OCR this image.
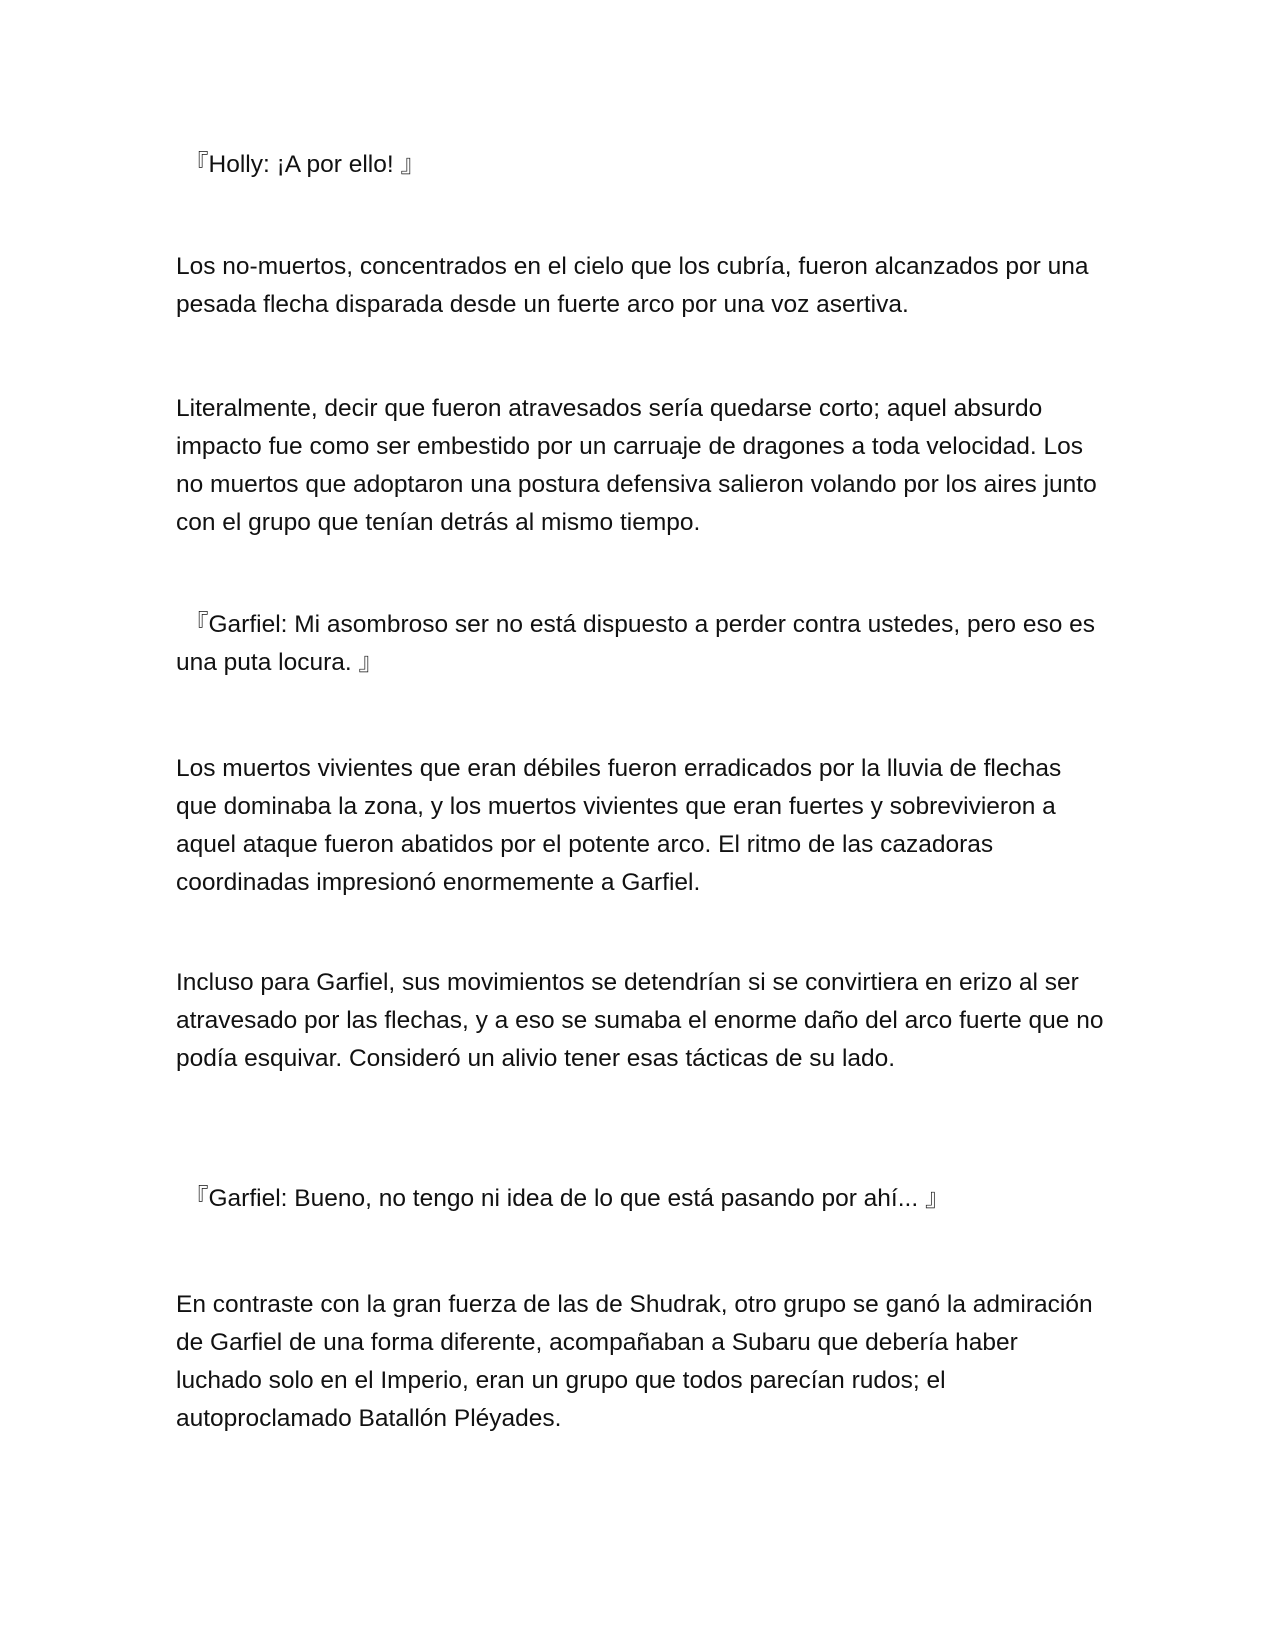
『Holly: ¡A por ello! 』

Los no-muertos, concentrados en el cielo que los cubría, fueron alcanzados por una pesada flecha disparada desde un fuerte arco por una voz asertiva.

Literalmente, decir que fueron atravesados sería quedarse corto; aquel absurdo impacto fue como ser embestido por un carruaje de dragones a toda velocidad. Los no muertos que adoptaron una postura defensiva salieron volando por los aires junto con el grupo que tenían detrás al mismo tiempo.

『Garfiel: Mi asombroso ser no está dispuesto a perder contra ustedes, pero eso es una puta locura. 』

Los muertos vivientes que eran débiles fueron erradicados por la lluvia de flechas que dominaba la zona, y los muertos vivientes que eran fuertes y sobrevivieron a aquel ataque fueron abatidos por el potente arco. El ritmo de las cazadoras coordinadas impresionó enormemente a Garfiel.

Incluso para Garfiel, sus movimientos se detendrían si se convirtiera en erizo al ser atravesado por las flechas, y a eso se sumaba el enorme daño del arco fuerte que no podía esquivar. Consideró un alivio tener esas tácticas de su lado.

『Garfiel: Bueno, no tengo ni idea de lo que está pasando por ahí... 』

En contraste con la gran fuerza de las de Shudrak, otro grupo se ganó la admiración de Garfiel de una forma diferente, acompañaban a Subaru que debería haber luchado solo en el Imperio, eran un grupo que todos parecían rudos; el autoproclamado Batallón Pléyades.
